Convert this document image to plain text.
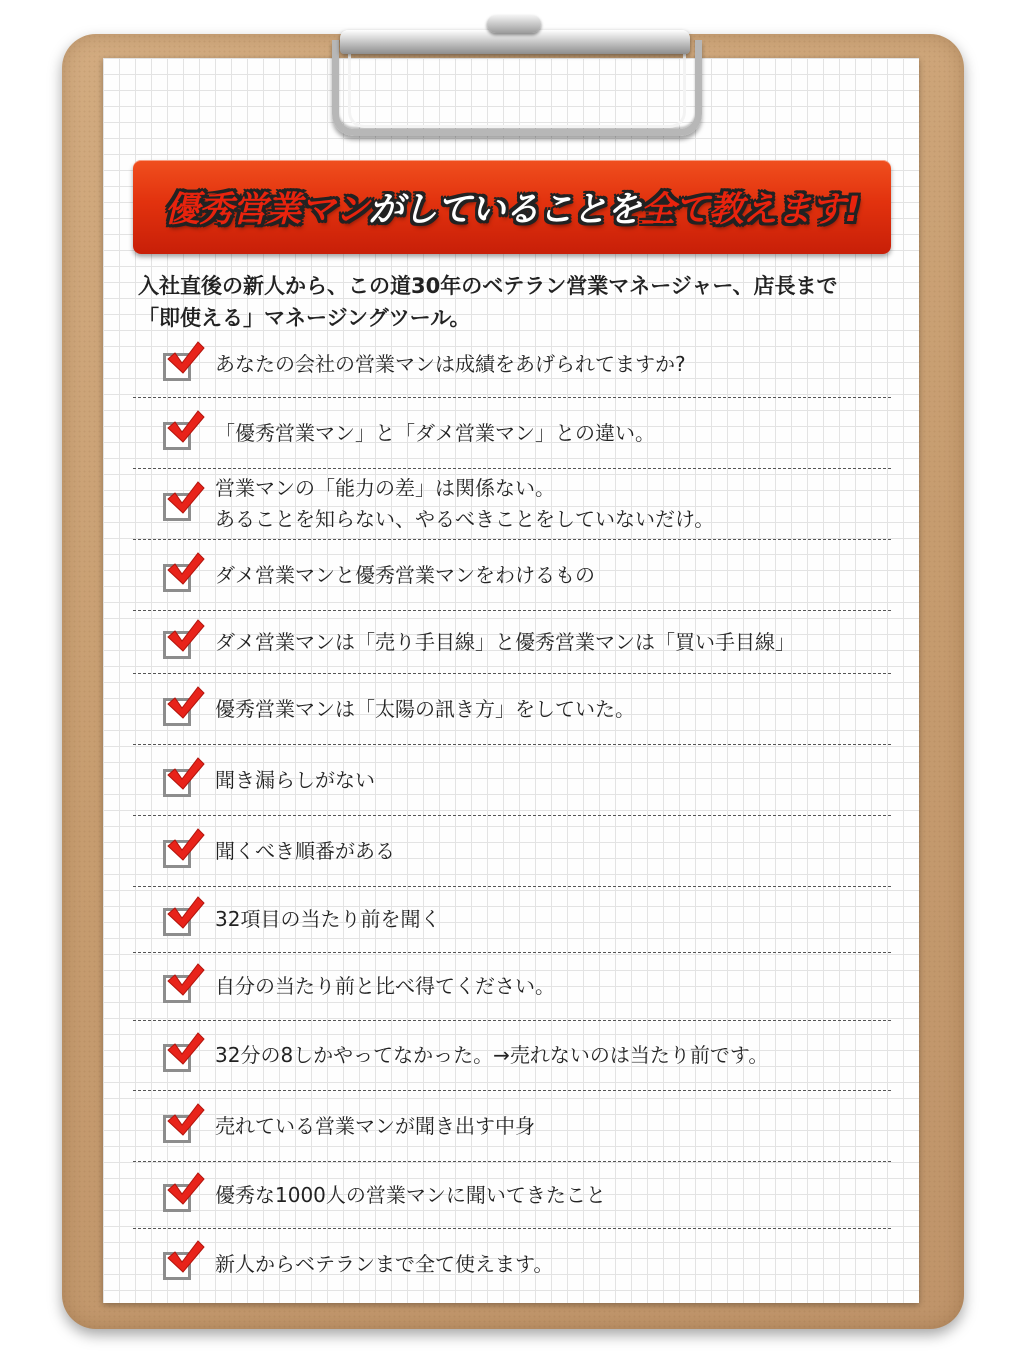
優秀営業マンがしていることを全て教えます!
入社直後の新人から、この道30年のベテラン営業マネージャー、店長まで
「即使える」マネージングツール。
あなたの会社の営業マンは成績をあげられてますか?
「優秀営業マン」と「ダメ営業マン」との違い。
営業マンの「能力の差」は関係ない。
あることを知らない、やるべきことをしていないだけ。
ダメ営業マンと優秀営業マンをわけるもの
ダメ営業マンは「売り手目線」と優秀営業マンは「買い手目線」
優秀営業マンは「太陽の訊き方」をしていた。
聞き漏らしがない
聞くべき順番がある
32項目の当たり前を聞く
自分の当たり前と比べ得てください。
32分の8しかやってなかった。→売れないのは当たり前です。
売れている営業マンが聞き出す中身
優秀な1000人の営業マンに聞いてきたこと
新人からベテランまで全て使えます。
